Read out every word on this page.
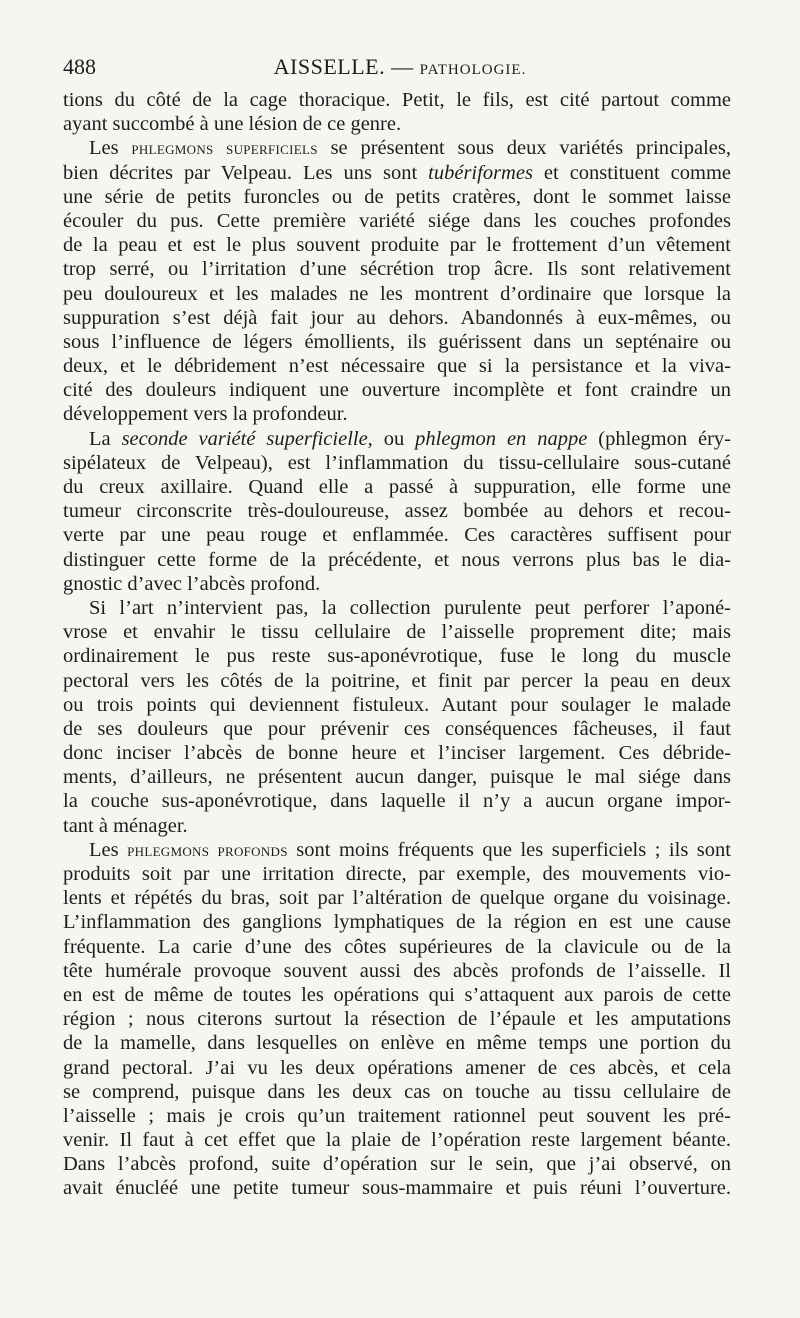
488	AISSELLE. — PATHOLOGIE.
tions du côté de la cage thoracique. Petit, le fils, est cité partout comme
ayant succombé à une lésion de ce genre.
Les phlegmons superficiels se présentent sous deux variétés principales,
bien décrites par Velpeau. Les uns sont tubériformes et constituent comme
une série de petits furoncles ou de petits cratères, dont le sommet laisse
écouler du pus. Cette première variété siége dans les couches profondes
de la peau et est le plus souvent produite par le frottement d’un vêtement
trop serré, ou l’irritation d’une sécrétion trop âcre. Ils sont relativement
peu douloureux et les malades ne les montrent d’ordinaire que lorsque la
suppuration s’est déjà fait jour au dehors. Abandonnés à eux-mêmes, ou
sous l’influence de légers émollients, ils guérissent dans un septénaire ou
deux, et le débridement n’est nécessaire que si la persistance et la viva-
cité des douleurs indiquent une ouverture incomplète et font craindre un
développement vers la profondeur.
La seconde variété superficielle, ou phlegmon en nappe (phlegmon éry-
sipélateux de Velpeau), est l’inflammation du tissu-cellulaire sous-cutané
du creux axillaire. Quand elle a passé à suppuration, elle forme une
tumeur circonscrite très-douloureuse, assez bombée au dehors et recou-
verte par une peau rouge et enflammée. Ces caractères suffisent pour
distinguer cette forme de la précédente, et nous verrons plus bas le dia-
gnostic d’avec l’abcès profond.
Si l’art n’intervient pas, la collection purulente peut perforer l’aponé-
vrose et envahir le tissu cellulaire de l’aisselle proprement dite; mais
ordinairement le pus reste sus-aponévrotique, fuse le long du muscle
pectoral vers les côtés de la poitrine, et finit par percer la peau en deux
ou trois points qui deviennent fistuleux. Autant pour soulager le malade
de ses douleurs que pour prévenir ces conséquences fâcheuses, il faut
donc inciser l’abcès de bonne heure et l’inciser largement. Ces débride-
ments, d’ailleurs, ne présentent aucun danger, puisque le mal siége dans
la couche sus-aponévrotique, dans laquelle il n’y a aucun organe impor-
tant à ménager.
Les phlegmons profonds sont moins fréquents que les superficiels ; ils sont
produits soit par une irritation directe, par exemple, des mouvements vio-
lents et répétés du bras, soit par l’altération de quelque organe du voisinage.
L’inflammation des ganglions lymphatiques de la région en est une cause
fréquente. La carie d’une des côtes supérieures de la clavicule ou de la
tête humérale provoque souvent aussi des abcès profonds de l’aisselle. Il
en est de même de toutes les opérations qui s’attaquent aux parois de cette
région ; nous citerons surtout la résection de l’épaule et les amputations
de la mamelle, dans lesquelles on enlève en même temps une portion du
grand pectoral. J’ai vu les deux opérations amener de ces abcès, et cela
se comprend, puisque dans les deux cas on touche au tissu cellulaire de
l’aisselle ; mais je crois qu’un traitement rationnel peut souvent les pré-
venir. Il faut à cet effet que la plaie de l’opération reste largement béante.
Dans l’abcès profond, suite d’opération sur le sein, que j’ai observé, on
avait énucléé une petite tumeur sous-mammaire et puis réuni l’ouverture.
